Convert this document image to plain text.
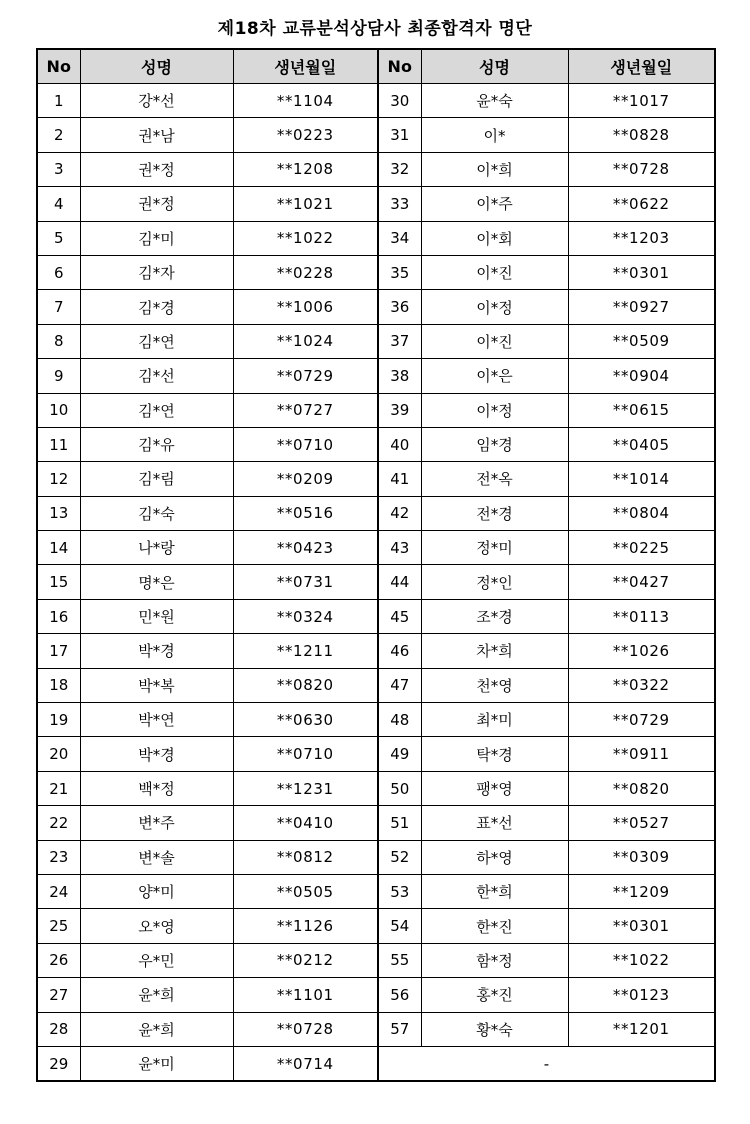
제18차 교류분석상담사 최종합격자 명단
No	성명	생년월일	No	성명	생년월일
1	강*선	**1104	30	윤*숙	**1017
2	권*남	**0223	31	이*	**0828
3	권*정	**1208	32	이*희	**0728
4	권*정	**1021	33	이*주	**0622
5	김*미	**1022	34	이*회	**1203
6	김*자	**0228	35	이*진	**0301
7	김*경	**1006	36	이*정	**0927
8	김*연	**1024	37	이*진	**0509
9	김*선	**0729	38	이*은	**0904
10	김*연	**0727	39	이*정	**0615
11	김*유	**0710	40	임*경	**0405
12	김*림	**0209	41	전*옥	**1014
13	김*숙	**0516	42	전*경	**0804
14	나*랑	**0423	43	정*미	**0225
15	명*은	**0731	44	정*인	**0427
16	민*원	**0324	45	조*경	**0113
17	박*경	**1211	46	차*희	**1026
18	박*복	**0820	47	천*영	**0322
19	박*연	**0630	48	최*미	**0729
20	박*경	**0710	49	탁*경	**0911
21	백*정	**1231	50	팽*영	**0820
22	변*주	**0410	51	표*선	**0527
23	변*솔	**0812	52	하*영	**0309
24	양*미	**0505	53	한*희	**1209
25	오*영	**1126	54	한*진	**0301
26	우*민	**0212	55	함*정	**1022
27	윤*희	**1101	56	홍*진	**0123
28	윤*희	**0728	57	황*숙	**1201
29	윤*미	**0714	-		
